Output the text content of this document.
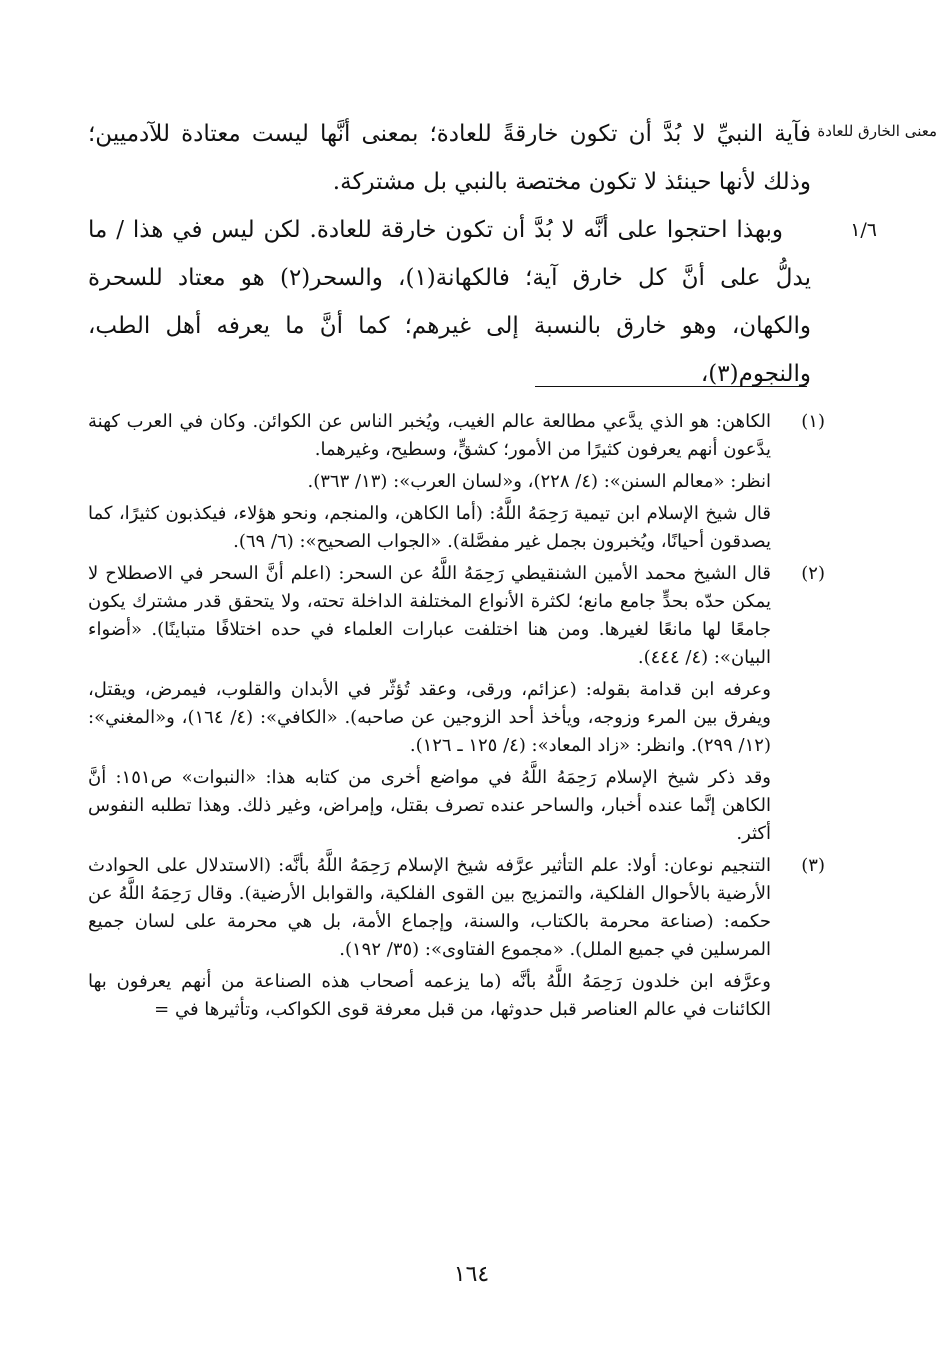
معنى الخارق للعادة
١/٦

فآية النبيِّ لا بُدَّ أن تكون خارقةً للعادة؛ بمعنى أنَّها ليست معتادة للآدميين؛ وذلك لأنها حينئذ لا تكون مختصة بالنبي بل مشتركة.

وبهذا احتجوا على أنَّه لا بُدَّ أن تكون خارقة للعادة. لكن ليس في هذا / ما يدلُّ على أنَّ كل خارق آية؛ فالكهانة(١)، والسحر(٢) هو معتاد للسحرة والكهان، وهو خارق بالنسبة إلى غيرهم؛ كما أنَّ ما يعرفه أهل الطب، والنجوم(٣)،

(١)

الكاهن: هو الذي يدَّعي مطالعة عالم الغيب، ويُخبر الناس عن الكوائن. وكان في العرب كهنة يدَّعون أنهم يعرفون كثيرًا من الأمور؛ كشقٍّ، وسطيح، وغيرهما.

انظر: «معالم السنن»: (٤/ ٢٢٨)، و«لسان العرب»: (١٣/ ٣٦٣).

قال شيخ الإسلام ابن تيمية رَحِمَهُ اللَّهُ: (أما الكاهن، والمنجم، ونحو هؤلاء، فيكذبون كثيرًا، كما يصدقون أحيانًا، ويُخبرون بجمل غير مفصَّلة). «الجواب الصحيح»: (٦/ ٦٩).

(٢)

قال الشيخ محمد الأمين الشنقيطي رَحِمَهُ اللَّهُ عن السحر: (اعلم أنَّ السحر في الاصطلاح لا يمكن حدّه بحدٍّ جامع مانع؛ لكثرة الأنواع المختلفة الداخلة تحته، ولا يتحقق قدر مشترك يكون جامعًا لها مانعًا لغيرها. ومن هنا اختلفت عبارات العلماء في حده اختلافًا متباينًا). «أضواء البيان»: (٤/ ٤٤٤).

وعرفه ابن قدامة بقوله: (عزائم، ورقى، وعقد تُؤثّر في الأبدان والقلوب، فيمرض، ويقتل، ويفرق بين المرء وزوجه، ويأخذ أحد الزوجين عن صاحبه). «الكافي»: (٤/ ١٦٤)، و«المغني»: (١٢/ ٢٩٩). وانظر: «زاد المعاد»: (٤/ ١٢٥ ـ ١٢٦).

وقد ذكر شيخ الإسلام رَحِمَهُ اللَّهُ في مواضع أخرى من كتابه هذا: «النبوات» ص١٥١: أنَّ الكاهن إنَّما عنده أخبار، والساحر عنده تصرف بقتل، وإمراض، وغير ذلك. وهذا تطلبه النفوس أكثر.

(٣)

التنجيم نوعان: أولا: علم التأثير عرَّفه شيخ الإسلام رَحِمَهُ اللَّهُ بأنَّه: (الاستدلال على الحوادث الأرضية بالأحوال الفلكية، والتمزيج بين القوى الفلكية، والقوابل الأرضية). وقال رَحِمَهُ اللَّهُ عن حكمه: (صناعة محرمة بالكتاب، والسنة، وإجماع الأمة، بل هي محرمة على لسان جميع المرسلين في جميع الملل). «مجموع الفتاوى»: (٣٥/ ١٩٢).

وعرَّفه ابن خلدون رَحِمَهُ اللَّهُ بأنَّه (ما يزعمه أصحاب هذه الصناعة من أنهم يعرفون بها الكائنات في عالم العناصر قبل حدوثها، من قبل معرفة قوى الكواكب، وتأثيرها في =

١٦٤
